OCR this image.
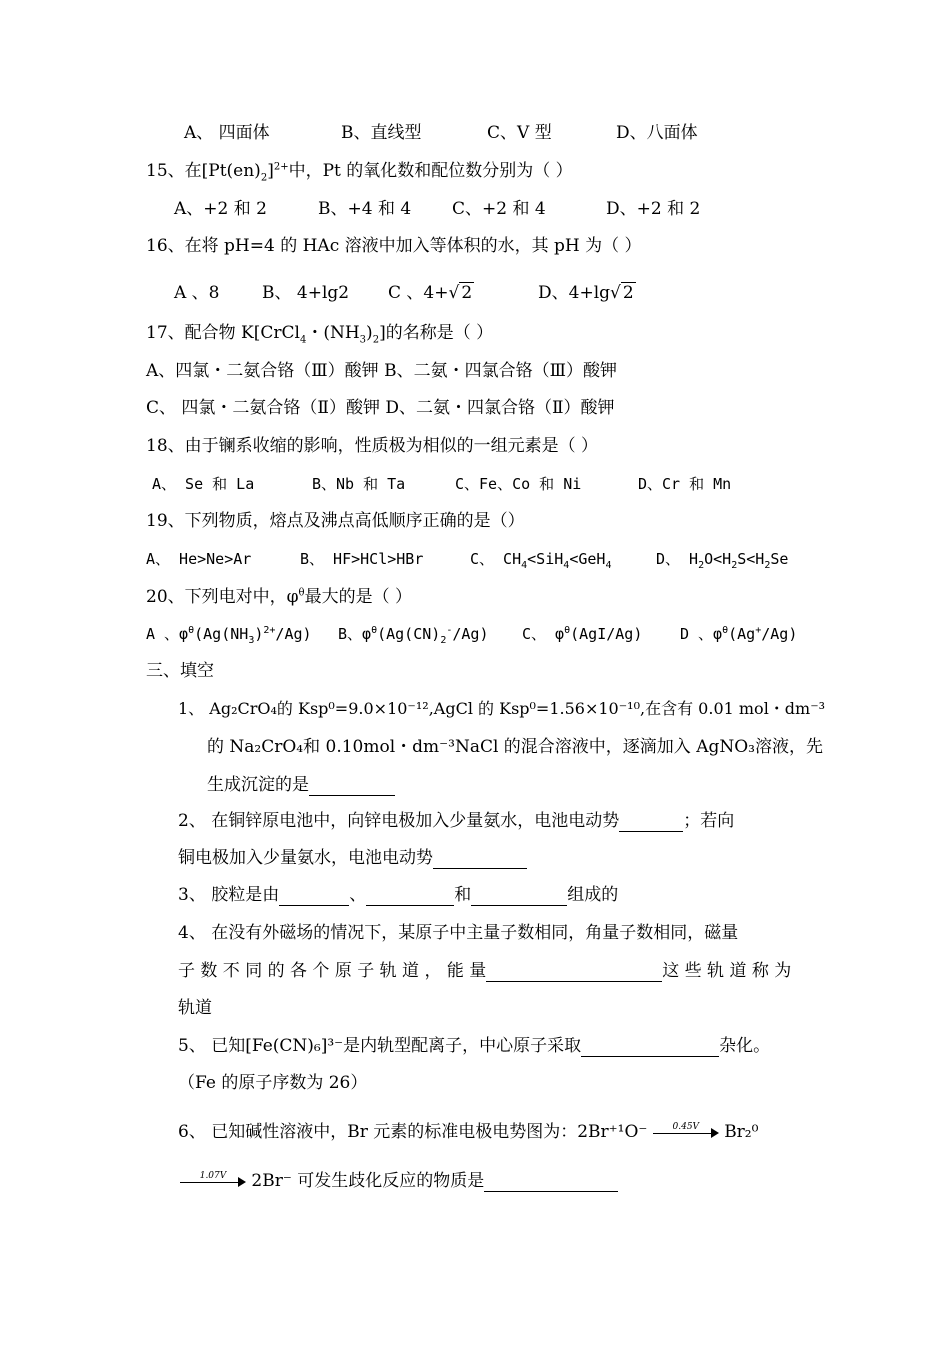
A、 四面体	B、直线型	C、V 型	D、八面体
15、在$[Pt(en)_2]^{2+}$中，Pt 的氧化数和配位数分别为（ ）
A、+2 和 2	B、+4 和 4 C、+2 和 4	D、+2 和 2
16、在将 pH=4 的 HAc 溶液中加入等体积的水，其 pH 为（ ）
A 、8	B、 4+lg2 C 、4+√ 2	D、4+lg√ 2
17、配合物 K[CrCl$_4$・$(NH_3)_2$]的名称是（ ）
A、四氯・二氨合铬（Ⅲ）酸钾 B、二氨・四氯合铬（Ⅲ）酸钾
C、 四氯・二氨合铬（Ⅱ）酸钾 D、二氨・四氯合铬（Ⅱ）酸钾
18、由于镧系收缩的影响，性质极为相似的一组元素是（ ）
A、 Se 和 La	B、Nb 和 Ta	C、Fe、Co 和 Ni	D、Cr 和 Mn
19、下列物质，熔点及沸点高低顺序正确的是（）
A、 He>Ne>Ar	B、 HF>HCl>HBr	C、 $CH_4<SiH_4<GeH_4$	D、 $H_2O<H_2S<H_2Se$
20、下列电对中，$\varphi^\theta$最大的是（ ）
A 、$\varphi^\theta(Ag(NH_3)^{2+}/Ag)$ B、$\varphi^\theta(Ag(CN)_2^-/Ag)$ C、 $\varphi^\theta(AgI/Ag)$	D 、$\varphi^\theta(Ag^+/Ag)$
三、填空
1、 Ag₂CrO₄的 Ksp⁰=9.0×10⁻¹²,AgCl 的 Ksp⁰=1.56×10⁻¹⁰,在含有 0.01 mol・dm⁻³
的 Na₂CrO₄和 0.10mol・dm⁻³NaCl 的混合溶液中，逐滴加入 AgNO₃溶液，先
生成沉淀的是
2、 在铜锌原电池中，向锌电极加入少量氨水，电池电动势	；若向
铜电极加入少量氨水，电池电动势
3、 胶粒是由	、	和	组成的
4、 在没有外磁场的情况下，某原子中主量子数相同，角量子数相同，磁量
子 数 不 同 的 各 个 原 子 轨 道 ， 能 量	这 些 轨 道 称 为
轨道
5、 已知[Fe(CN)₆]³⁻是内轨型配离子，中心原子采取	杂化。
（Fe 的原子序数为 26）
6、 已知碱性溶液中，Br 元素的标准电极电势图为：2Br⁺¹O⁻	0.45V	Br₂⁰
1.07V	2Br⁻ 可发生歧化反应的物质是
